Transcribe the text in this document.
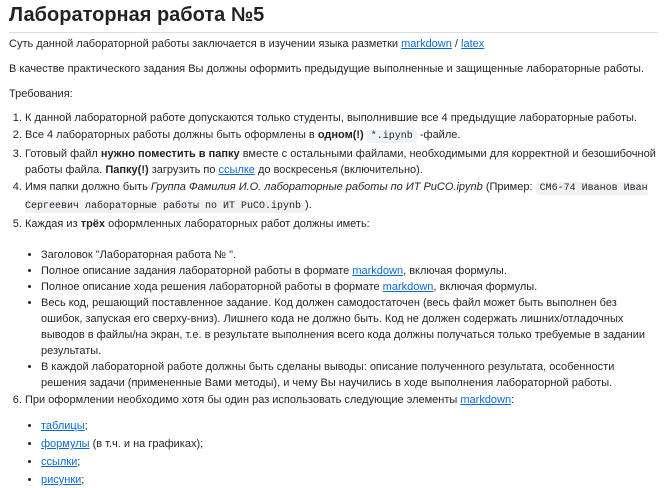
Лабораторная работа №5

Суть данной лабораторной работы заключается в изучении языка разметки markdown / latex

В качестве практического задания Вы должны оформить предыдущие выполненные и защищенные лабораторные работы.

Требования:

1. К данной лабораторной работе допускаются только студенты, выполнившие все 4 предыдущие лабораторные работы.
2. Все 4 лабораторных работы должны быть оформлены в одном(!) *.ipynb -файле.
3. Готовый файл нужно поместить в папку вместе с остальными файлами, необходимыми для корректной и безошибочной работы файла. Папку(!) загрузить по ссылке до воскресенья (включительно).
4. Имя папки должно быть Группа Фамилия И.О. лабораторные работы по ИТ PuCO.ipynb (Пример: СМ6-74 Иванов Иван Сергеевич лабораторные работы по ИТ PuCO.ipynb ).
5. Каждая из трёх оформленных лабораторных работ должны иметь:
• Заголовок "Лабораторная работа № ".
• Полное описание задания лабораторной работы в формате markdown, включая формулы.
• Полное описание хода решения лабораторной работы в формате markdown, включая формулы.
• Весь код, решающий поставленное задание. Код должен самодостаточен (весь файл может быть выполнен без ошибок, запуская его сверху-вниз). Лишнего кода не должно быть. Код не должен содержать лишних/отладочных выводов в файлы/на экран, т.е. в результате выполнения всего кода должны получаться только требуемые в задании результаты.
• В каждой лабораторной работе должны быть сделаны выводы: описание полученного результата, особенности решения задачи (примененные Вами методы), и чему Вы научились в ходе выполнения лабораторной работы.
6. При оформлении необходимо хотя бы один раз использовать следующие элементы markdown:
• таблицы;
• формулы (в т.ч. и на графиках);
• ссылки;
• рисунки;
